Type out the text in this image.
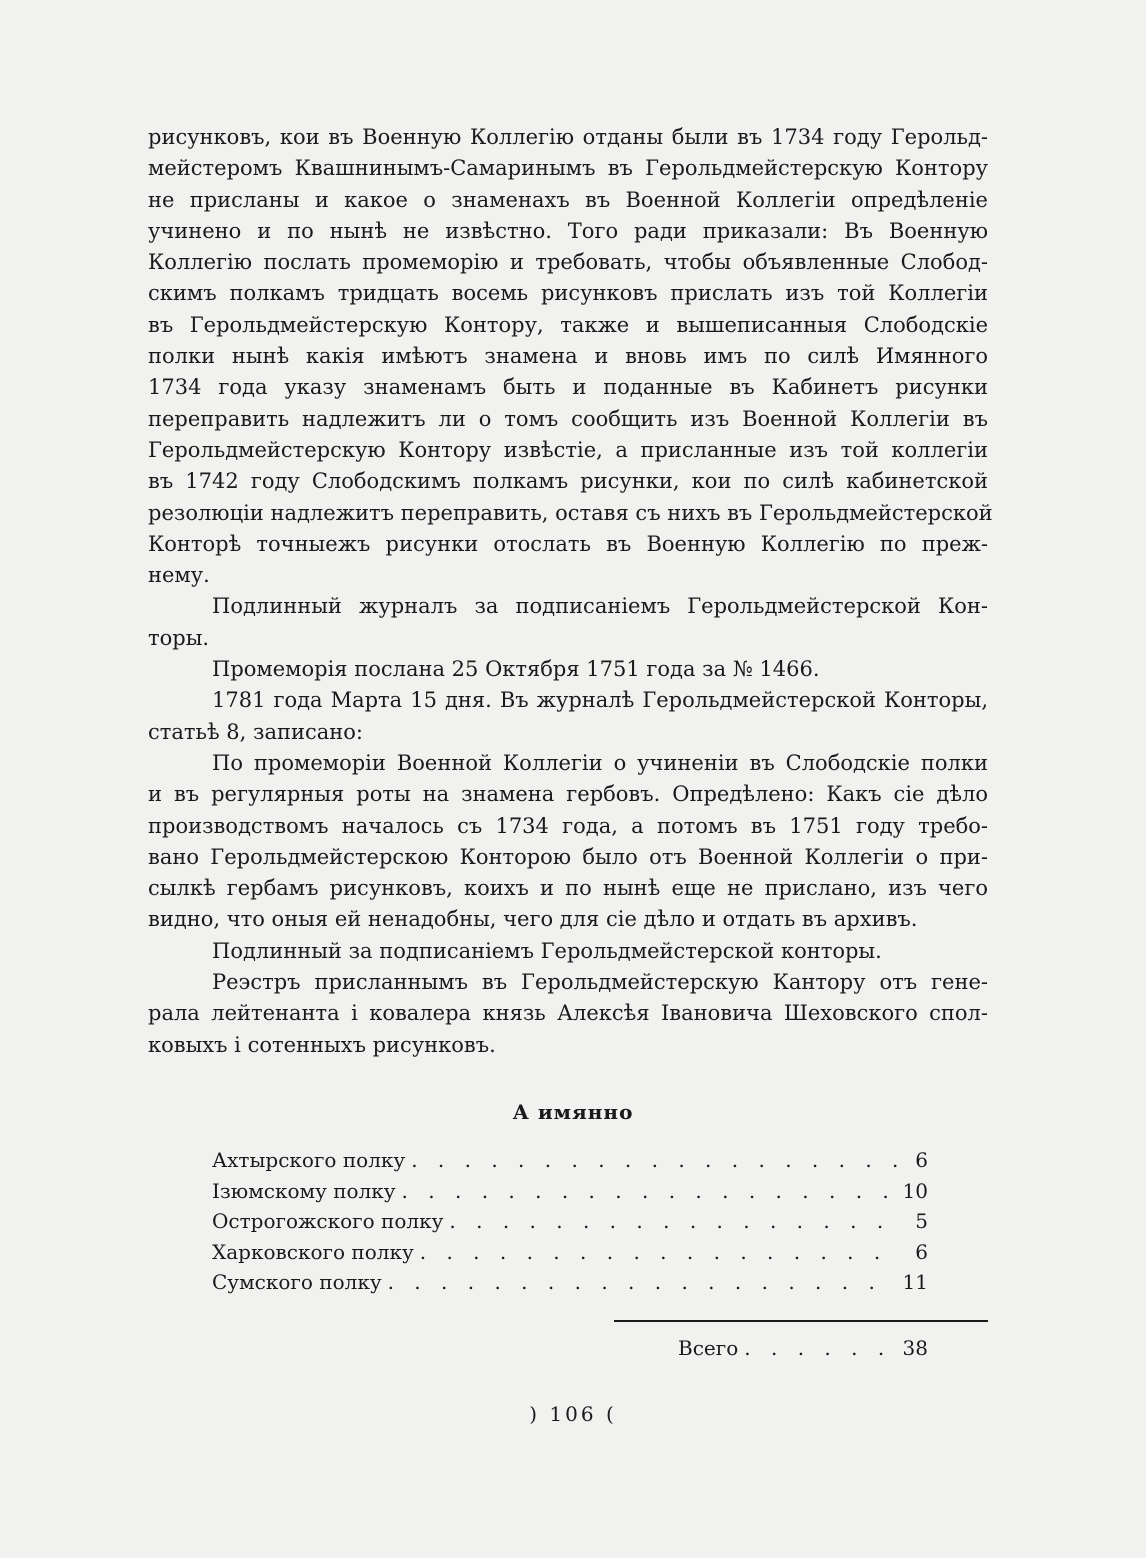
рисунковъ, кои въ Военную Коллегію отданы были въ 1734 году Герольд-
мейстеромъ Квашнинымъ-Самаринымъ въ Герольдмейстерскую Контору
не присланы и какое о знаменахъ въ Военной Коллегіи опредѣленіе
учинено и по нынѣ не извѣстно. Того ради приказали: Въ Военную
Коллегію послать промеморію и требовать, чтобы объявленные Слобод-
скимъ полкамъ тридцать восемь рисунковъ прислать изъ той Коллегіи
въ Герольдмейстерскую Контору, также и вышеписанныя Слободскіе
полки нынѣ какія имѣютъ знамена и вновь имъ по силѣ Имянного
1734 года указу знаменамъ быть и поданные въ Кабинетъ рисунки
переправить надлежитъ ли о томъ сообщить изъ Военной Коллегіи въ
Герольдмейстерскую Контору извѣстіе, а присланные изъ той коллегіи
въ 1742 году Слободскимъ полкамъ рисунки, кои по силѣ кабинетской
резолюціи надлежитъ переправить, оставя съ нихъ въ Герольдмейстерской
Конторѣ точныежъ рисунки отослать въ Военную Коллегію по преж-
нему.
Подлинный журналъ за подписаніемъ Герольдмейстерской Кон-
торы.
Промеморія послана 25 Октября 1751 года за № 1466.
1781 года Марта 15 дня. Въ журналѣ Герольдмейстерской Конторы,
статьѣ 8, записано:
По промеморіи Военной Коллегіи о учиненіи въ Слободскіе полки
и въ регулярныя роты на знамена гербовъ. Опредѣлено: Какъ сіе дѣло
производствомъ началось съ 1734 года, а потомъ въ 1751 году требо-
вано Герольдмейстерскою Конторою было отъ Военной Коллегіи о при-
сылкѣ гербамъ рисунковъ, коихъ и по нынѣ еще не прислано, изъ чего
видно, что оныя ей ненадобны, чего для сіе дѣло и отдать въ архивъ.
Подлинный за подписаніемъ Герольдмейстерской конторы.
Реэстръ присланнымъ въ Герольдмейстерскую Кантору отъ гене-
рала лейтенанта і ковалера князь Алексѣя Івановича Шеховского спол-
ковыхъ і сотенныхъ рисунковъ.
А имянно
Ахтырского полку . . .	6
Ізюмскому полку . . .	10
Острогожского полку . . .	5
Харковского полку . . .	6
Сумского полку . . .	11
Всего . . .	38
) 106 (
